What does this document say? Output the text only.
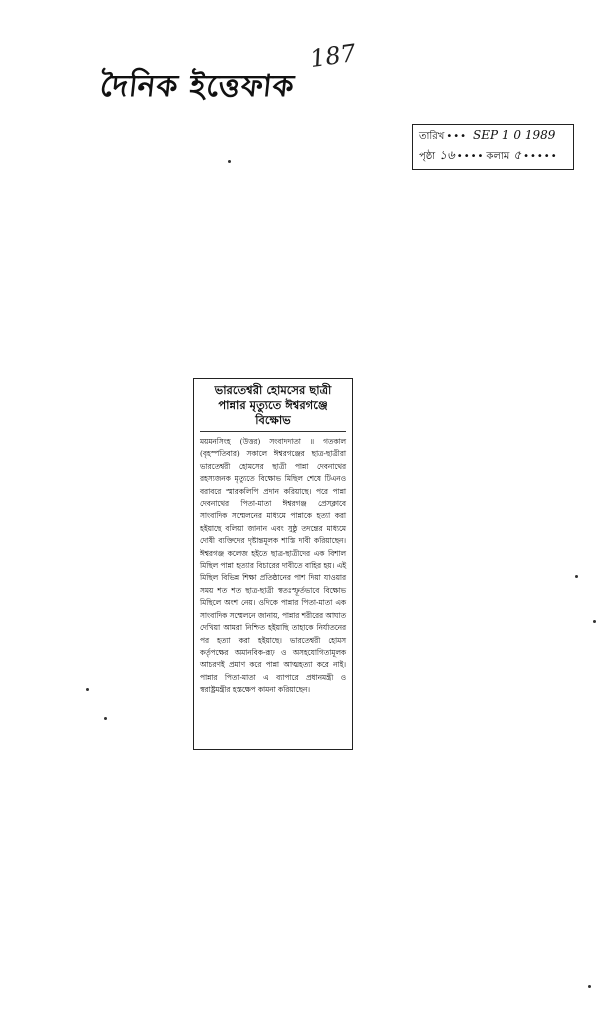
দৈনিক ইত্তেফাক
187
তারিখ ••• SEP 1 0 1989
পৃষ্ঠা ১৬ •••• কলাম ৫ •••••
ভারতেশ্বরী হোমসের ছাত্রী
পান্নার মৃত্যুতে ঈশ্বরগঞ্জে
বিক্ষোভ
ময়মনসিংহ (উত্তর) সংবাদদাতা ॥ গতকাল (বৃহস্পতিবার) সকালে ঈশ্বরগঞ্জের ছাত্র-ছাত্রীরা ভারতেশ্বরী হোমসের ছাত্রী পান্না দেবনাথের রহস্যজনক মৃত্যুতে বিক্ষোভ মিছিল শেষে টিএনও বরাবরে স্মারকলিপি প্রদান করিয়াছে। পরে পান্না দেবনাথের পিতা-মাতা ঈশ্বরগঞ্জ প্রেসক্লাবে সাংবাদিক সম্মেলনের মাধ্যমে পান্নাকে হত্যা করা হইয়াছে বলিয়া জানান এবং সুষ্ঠু তদন্তের মাধ্যমে দোষী ব্যক্তিদের দৃষ্টান্তমূলক শাস্তি দাবী করিয়াছেন। ঈশ্বরগঞ্জ কলেজ হইতে ছাত্র-ছাত্রীদের এক বিশাল মিছিল পান্না হত্যার বিচারের দাবীতে বাহির হয়। এই মিছিল বিভিন্ন শিক্ষা প্রতিষ্ঠানের পাশ দিয়া যাওয়ার সময় শত শত ছাত্র-ছাত্রী স্বতঃস্ফূর্তভাবে বিক্ষোভ মিছিলে অংশ নেয়। ওদিকে পান্নার পিতা-মাতা এক সাংবাদিক সম্মেলনে জানায়, পান্নার শরীরের আঘাত দেখিয়া আমরা নিশ্চিত হইয়াছি তাহাকে নির্যাতনের পর হত্যা করা হইয়াছে। ভারতেশ্বরী হোমস কর্তৃপক্ষের অমানবিক-রূঢ় ও অসহযোগিতামূলক আচরণই প্রমাণ করে পান্না আত্মহত্যা করে নাই। পান্নার পিতা-মাতা এ ব্যাপারে প্রধানমন্ত্রী ও স্বরাষ্ট্রমন্ত্রীর হস্তক্ষেপ কামনা করিয়াছেন।
